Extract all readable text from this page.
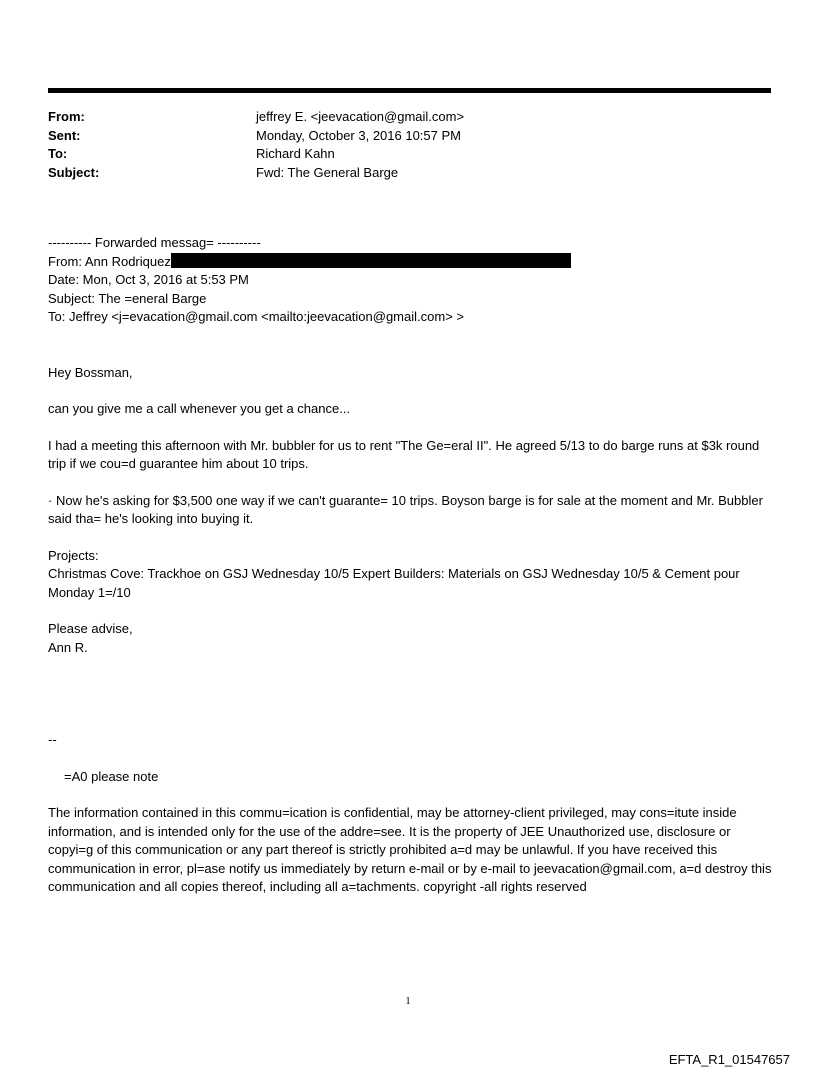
From:	jeffrey E. <jeevacation@gmail.com>
Sent:	Monday, October 3, 2016 10:57 PM
To:	Richard Kahn
Subject:	Fwd: The General Barge

---------- Forwarded messag= ----------

From: Ann Rodriquez

Date: Mon, Oct 3, 2016 at 5:53 PM

Subject: The =eneral Barge

To: Jeffrey <j=evacation@gmail.com <mailto:jeevacation@gmail.com> >

Hey Bossman,

can you give me a call whenever you get a chance...

I had a meeting this afternoon with Mr. bubbler for us to rent "The Ge=eral II". He agreed 5/13 to do barge runs at $3k round trip if we cou=d guarantee him about 10 trips.

· Now he's asking for $3,500 one way if we can't guarante= 10 trips. Boyson barge is for sale at the moment and Mr. Bubbler said tha= he's looking into buying it.

Projects:

Christmas Cove: Trackhoe on GSJ Wednesday 10/5 Expert Builders: Materials on GSJ Wednesday 10/5 & Cement pour Monday 1=/10

Please advise,

Ann R.

--

=A0 please note

The information contained in this commu=ication is confidential, may be attorney-client privileged, may cons=itute inside information, and is intended only for the use of the addre=see. It is the property of JEE Unauthorized use, disclosure or copyi=g of this communication or any part thereof is strictly prohibited a=d may be unlawful. If you have received this communication in error, pl=ase notify us immediately by return e-mail or by e-mail to jeevacation@gmail.com, a=d destroy this communication and all copies thereof, including all a=tachments. copyright -all rights reserved

1
EFTA_R1_01547657
